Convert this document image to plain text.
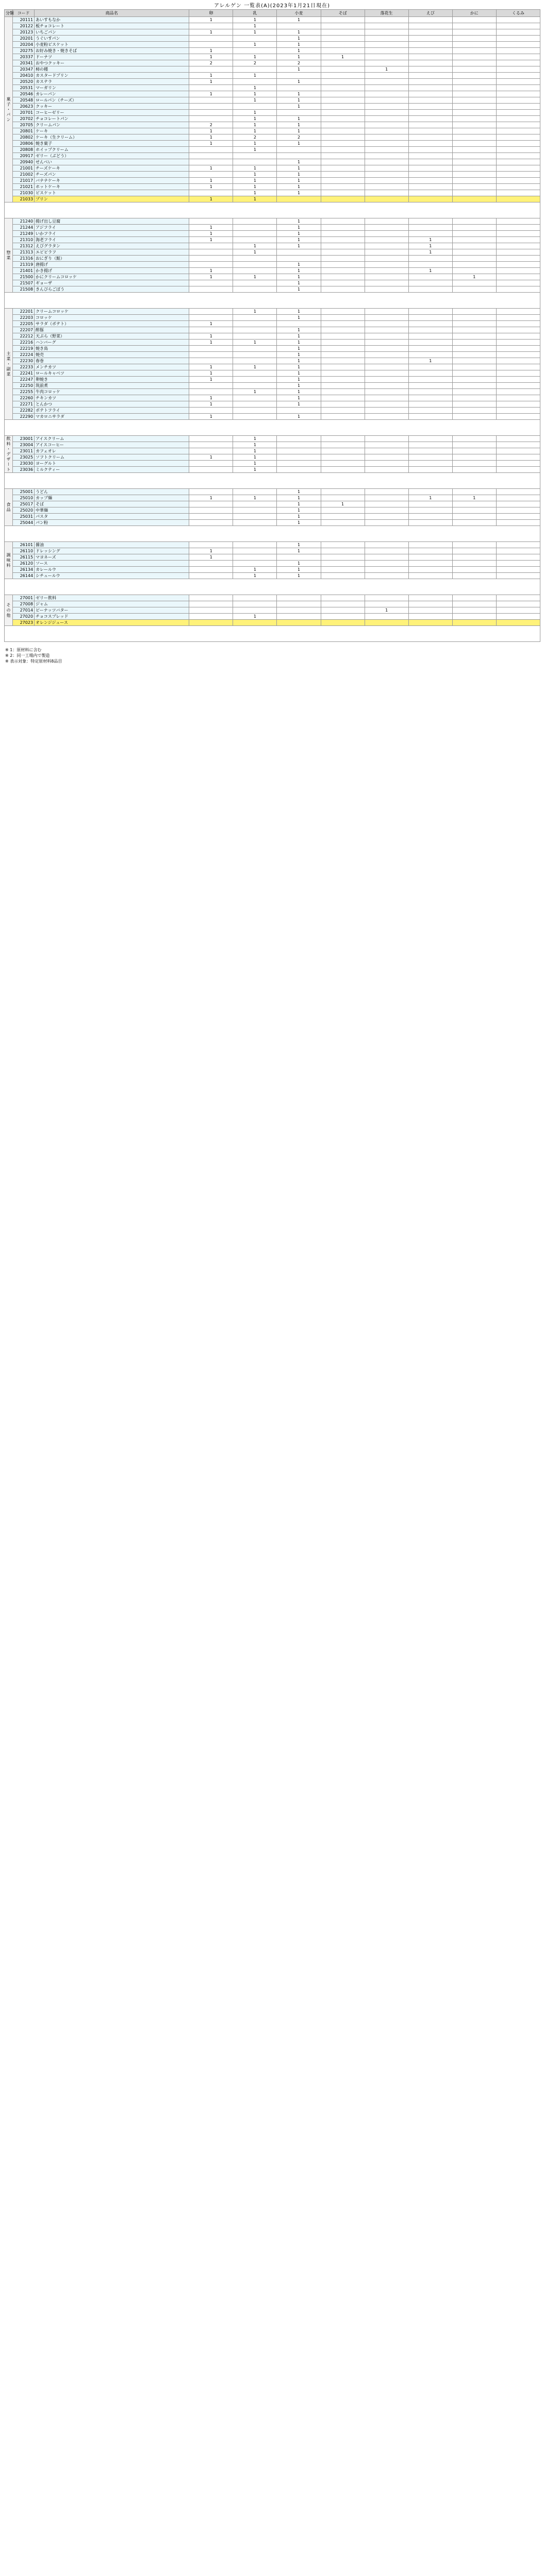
アレルゲン 一覧表(A)(2023年1月21日現在)
分類	コード	商品名	卵	乳	小麦	そば	落花生	えび	かに	くるみ
菓子・パン	20111	あいすもなか	1	1	1					
	20122	板チョコレート		1						
	20123	いちごパン	1	1	1					
	20201	うぐいすパン			1					
	20204	小麦粉ビスケット		1	1					
	20275	お好み焼き・焼きそば	1		1					
	20337	ドーナツ	1	1	1	1				
	20341	おやつクッキー	2	2	2					
	20347	柿の種			1		1			
	20410	カスタードプリン	1	1						
	20520	カステラ	1		1					
	20531	マーガリン		1						
	20546	カレーパン	1	1	1					
	20548	ロールパン（チーズ）		1	1					
	20623	クッキー			1					
	20701	コーヒーゼリー		1						
	20702	チョコレートパン		1	1					
	20705	クリームパン	2	1	1					
	20801	ケーキ	1	1	1					
	20802	ケーキ（生クリーム）	1	2	2					
	20806	焼き菓子	1	1	1					
	20808	ホイップクリーム		1						
	20917	ゼリー（ぶどう）								
	20940	せんべい			1					
	21001	チーズケーキ	1	1	1					
	21002	チーズパン		1	1					
	21017	バナナケーキ	1	1	1					
	21021	ホットケーキ	1	1	1					
	21030	ビスケット		1	1					
	21033	プリン	1	1						

惣菜	21240	揚げ出し豆腐			1					
	21244	アジフライ	1		1					
	21249	いかフライ	1		1					
	21310	海老フライ	1		1			1		
	21312	えびグラタン		1	1			1		
	21313	エビピラフ		1				1		
	21316	おにぎり（鮭）								
	21319	唐揚げ			1					
	21401	かき揚げ	1		1			1		
	21500	かにクリームコロッケ	1	1	1				1	
	21507	ギョーザ			1					
	21508	きんぴらごぼう			1					

主菜・副菜	22201	クリームコロッケ		1	1					
	22203	コロッケ			1					
	22205	サラダ（ポテト）	1							
	22207	酢豚			1					
	22212	天ぷら（野菜）	1		1					
	22216	ハンバーグ	1	1	1					
	22219	焼き鳥			1					
	22224	焼売			1					
	22230	春巻			1			1		
	22233	メンチカツ	1	1	1					
	22241	ロールキャベツ	1		1					
	22247	卵焼き	1		1					
	22250	筑前煮			1					
	22255	牛肉コロッケ		1	1					
	22260	チキンカツ	1		1					
	22271	とんかつ	1		1					
	22282	ポテトフライ								
	22290	マカロニサラダ	1		1					

飲料・デザート	23001	アイスクリーム		1						
	23004	アイスコーヒー		1						
	23011	カフェオレ		1						
	23025	ソフトクリーム	1	1						
	23030	ヨーグルト		1						
	23036	ミルクティー		1						

食品	25001	うどん			1					
	25010	カップ麺	1	1	1			1	1	
	25017	そば			1	1				
	25020	中華麺			1					
	25031	パスタ			1					
	25044	パン粉			1					

調味料	26101	醤油			1					
	26110	ドレッシング	1		1					
	26115	マヨネーズ	1							
	26120	ソース			1					
	26134	カレールウ		1	1					
	26144	シチュールウ		1	1					

その他	27001	ゼリー飲料								
	27008	ジャム								
	27014	ピーナッツバター					1			
	27020	チョコスプレッド		1						
	27023	オレンジジュース								

※ 1：原材料に含む
※ 2：同一工場内で製造
※ 表示対象：特定原材料8品目
